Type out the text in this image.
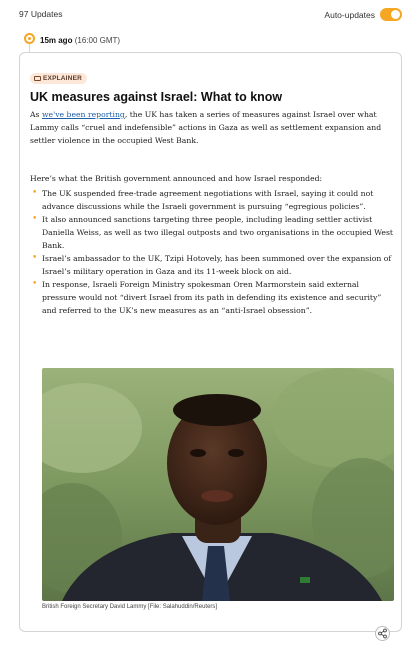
97 Updates	Auto-updates
15m ago (16:00 GMT)
EXPLAINER
UK measures against Israel: What to know

As we've been reporting, the UK has taken a series of measures against Israel over what Lammy calls “cruel and indefensible” actions in Gaza as well as settlement expansion and settler violence in the occupied West Bank.

Here’s what the British government announced and how Israel responded:

• The UK suspended free-trade agreement negotiations with Israel, saying it could not advance discussions while the Israeli government is pursuing “egregious policies”.
• It also announced sanctions targeting three people, including leading settler activist Daniella Weiss, as well as two illegal outposts and two organisations in the occupied West Bank.
• Israel’s ambassador to the UK, Tzipi Hotovely, has been summoned over the expansion of Israel’s military operation in Gaza and its 11-week block on aid.
• In response, Israeli Foreign Ministry spokesman Oren Marmorstein said external pressure would not “divert Israel from its path in defending its existence and security” and referred to the UK’s new measures as an “anti-Israel obsession”.

British Foreign Secretary David Lammy [File: Salahuddin/Reuters]
